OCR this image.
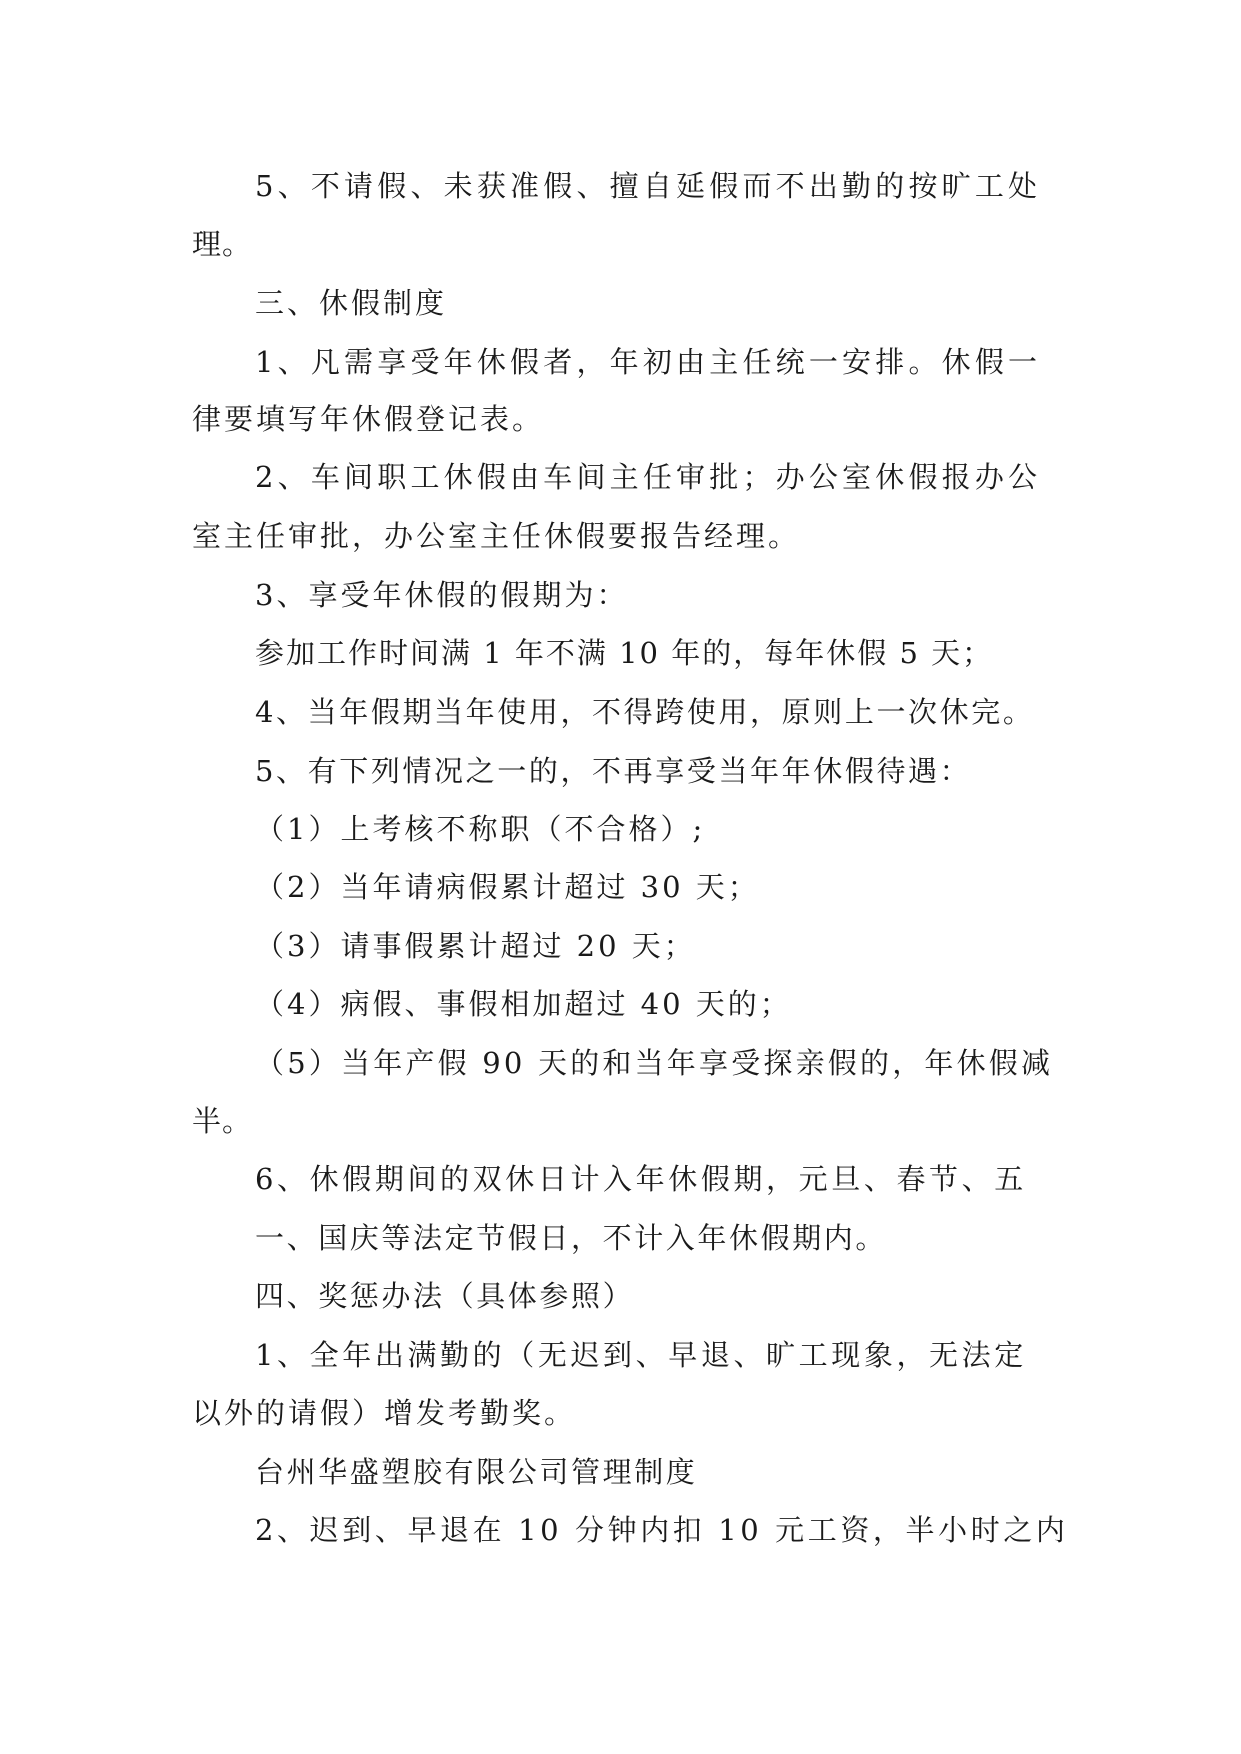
5、不请假、未获准假、擅自延假而不出勤的按旷工处

理。

三、休假制度

1、凡需享受年休假者，年初由主任统一安排。休假一

律要填写年休假登记表。

2、车间职工休假由车间主任审批；办公室休假报办公

室主任审批，办公室主任休假要报告经理。

3、享受年休假的假期为：

参加工作时间满 1 年不满 10 年的，每年休假 5 天；

4、当年假期当年使用，不得跨使用，原则上一次休完。

5、有下列情况之一的，不再享受当年年休假待遇：

（1）上考核不称职（不合格）;

（2）当年请病假累计超过 30 天；

（3）请事假累计超过 20 天；

（4）病假、事假相加超过 40 天的；

（5）当年产假 90 天的和当年享受探亲假的，年休假减

半。

6、休假期间的双休日计入年休假期，元旦、春节、五

一、国庆等法定节假日，不计入年休假期内。

四、奖惩办法（具体参照）

1、全年出满勤的（无迟到、早退、旷工现象，无法定

以外的请假）增发考勤奖。

台州华盛塑胶有限公司管理制度

2、迟到、早退在 10 分钟内扣 10 元工资，半小时之内
